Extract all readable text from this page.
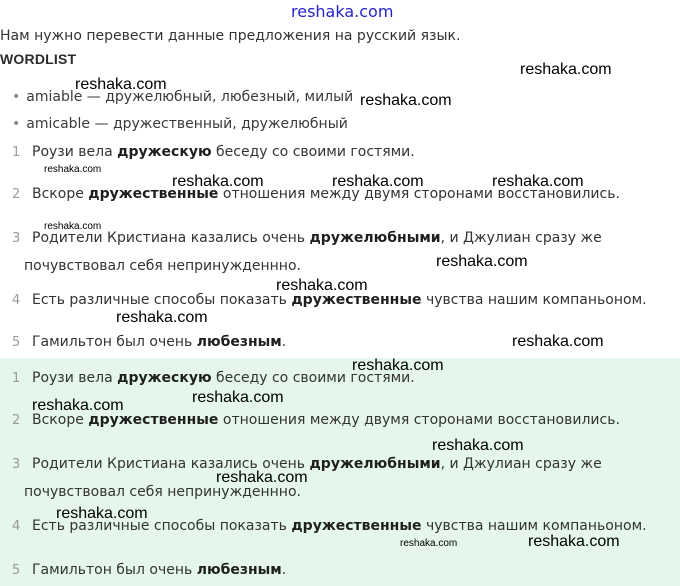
reshaka.com
Нам нужно перевести данные предложения на русский язык.
WORDLIST
• amiable — дружелюбный, любезный, милый
• amicable — дружественный, дружелюбный
1 Роузи вела дружескую беседу со своими гостями.
2 Вскоре дружественные отношения между двумя сторонами восстановились.
3 Родители Кристиана казались очень дружелюбными, и Джулиан сразу же
почувствовал себя непринужденнно.
4 Есть различные способы показать дружественные чувства нашим компаньоном.
5 Гамильтон был очень любезным.
1 Роузи вела дружескую беседу со своими гостями.
2 Вскоре дружественные отношения между двумя сторонами восстановились.
3 Родители Кристиана казались очень дружелюбными, и Джулиан сразу же
почувствовал себя непринужденнно.
4 Есть различные способы показать дружественные чувства нашим компаньоном.
5 Гамильтон был очень любезным.
reshaka.com
reshaka.com
reshaka.com
reshaka.com
reshaka.com	reshaka.com	reshaka.com
reshaka.com
reshaka.com
reshaka.com
reshaka.com
reshaka.com
reshaka.com
reshaka.com
reshaka.com
reshaka.com
reshaka.com
reshaka.com
reshaka.com
reshaka.com
